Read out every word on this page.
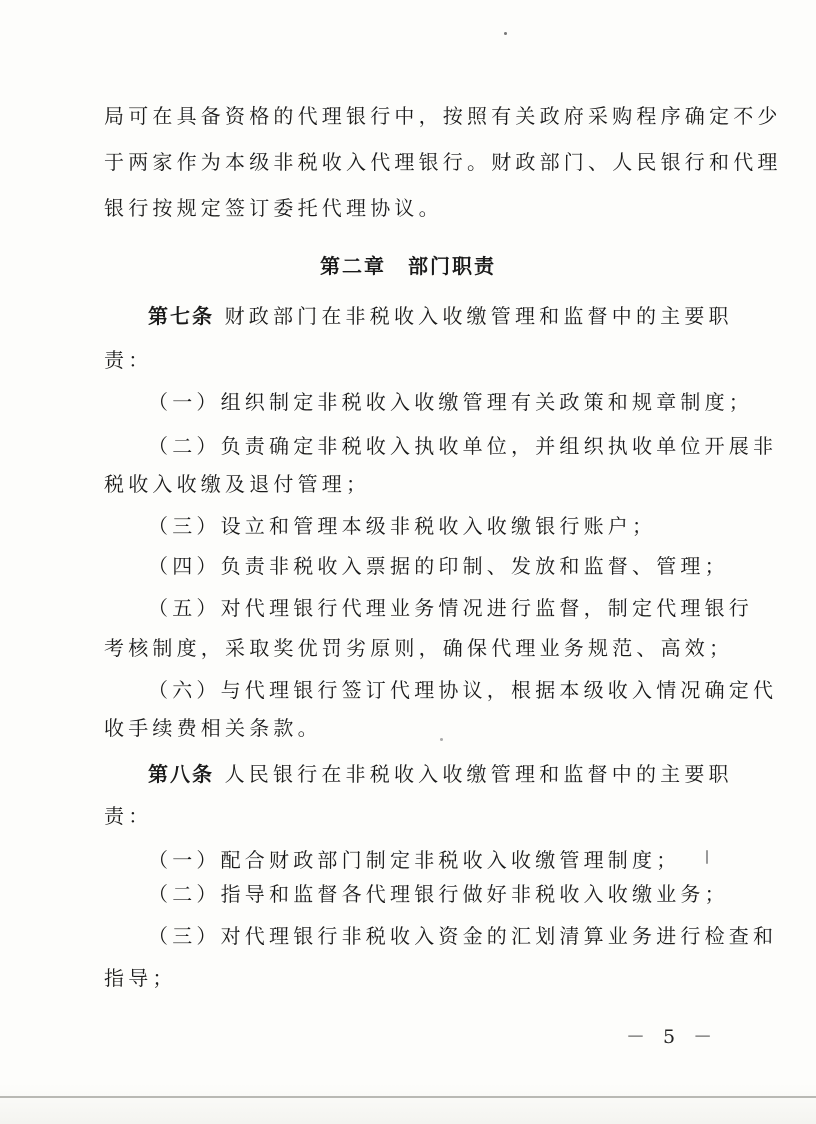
局可在具备资格的代理银行中，按照有关政府采购程序确定不少
于两家作为本级非税收入代理银行。财政部门、人民银行和代理
银行按规定签订委托代理协议。
第二章 部门职责
第七条 财政部门在非税收入收缴管理和监督中的主要职
责：
（一）组织制定非税收入收缴管理有关政策和规章制度；
（二）负责确定非税收入执收单位，并组织执收单位开展非
税收入收缴及退付管理；
（三）设立和管理本级非税收入收缴银行账户；
（四）负责非税收入票据的印制、发放和监督、管理；
（五）对代理银行代理业务情况进行监督，制定代理银行
考核制度，采取奖优罚劣原则，确保代理业务规范、高效；
（六）与代理银行签订代理协议，根据本级收入情况确定代
收手续费相关条款。
第八条 人民银行在非税收入收缴管理和监督中的主要职
责：
（一）配合财政部门制定非税收入收缴管理制度；
（二）指导和监督各代理银行做好非税收入收缴业务；
（三）对代理银行非税收入资金的汇划清算业务进行检查和
指导；
－ 5 －
